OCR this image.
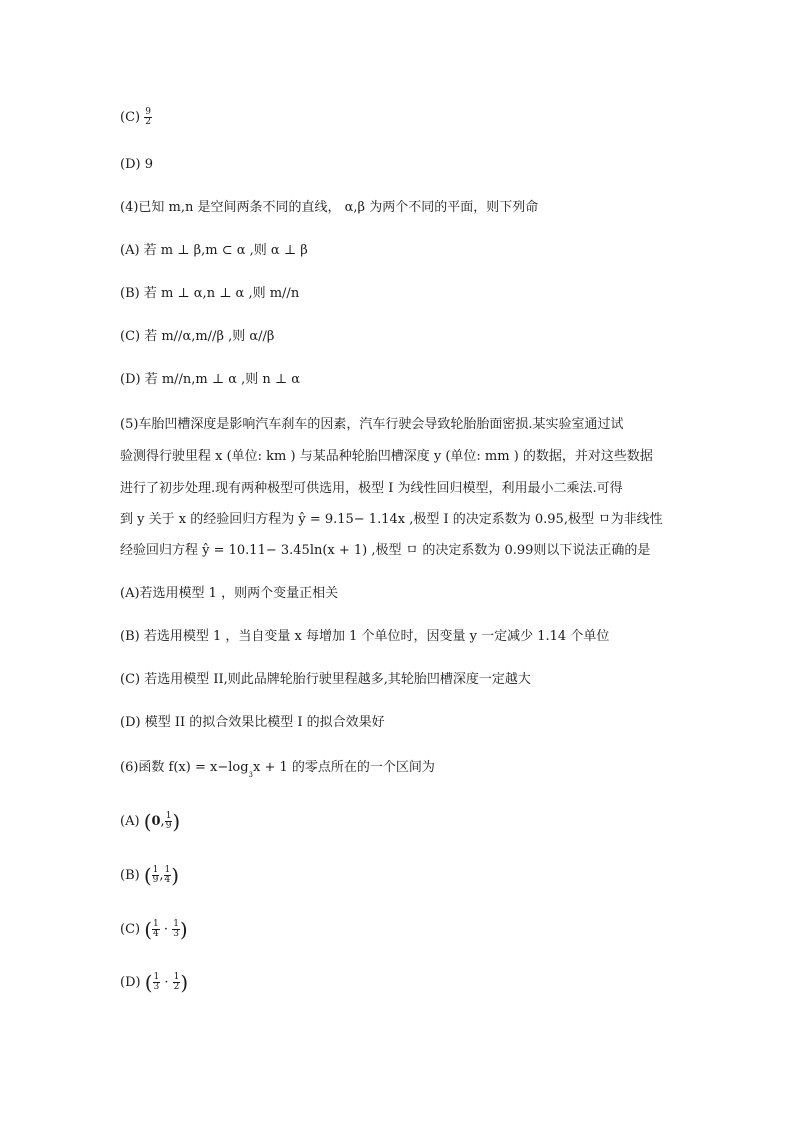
$(C) \frac{9}{2}$
(D) 9
(4)已知 m,n 是空间两条不同的直线， α,β 为两个不同的平面，则下列命
(A) 若 m ⊥ β,m ⊂ α ,则 α ⊥ β
(B) 若 m ⊥ α,n ⊥ α ,则 m//n
(C) 若 m//α,m//β ,则 α//β
(D) 若 m//n,m ⊥ α ,则 n ⊥ α
(5)车胎凹槽深度是影响汽车刹车的因素，汽车行驶会导致轮胎胎面密损.某实验室通过试
验测得行驶里程 x (单位: km ) 与某品种轮胎凹槽深度 y (单位: mm ) 的数据，并对这些数据
进行了初步处理.现有两种极型可供选用，极型 I 为线性回归模型，利用最小二乘法.可得
到 y 关于 x 的经验回归方程为 ŷ = 9.15− 1.14x ,极型 I 的决定系数为 0.95,极型 ㅁ为非线性
经验回归方程 ŷ = 10.11− 3.45ln(x + 1) ,极型 ㅁ 的决定系数为 0.99则以下说法正确的是
(A)若选用模型 1 ，则两个变量正相关
(B) 若选用模型 1 ，当自变量 x 每增加 1 个单位时，因变量 y 一定减少 1.14 个单位
(C) 若选用模型 II,则此品牌轮胎行驶里程越多,其轮胎凹槽深度一定越大
(D) 模型 II 的拟合效果比模型 I 的拟合效果好
(6)函数 $f(x) = x-\log_3x + 1$ 的零点所在的一个区间为
(A) (0, $\frac{1}{9}$ )
(B) ( $\frac{1}{9}$ , $\frac{1}{4}$ )
(C) ( $\frac{1}{4} \cdot \frac{1}{3}$ )
(D) ( $\frac{1}{3} \cdot \frac{1}{2}$ )
